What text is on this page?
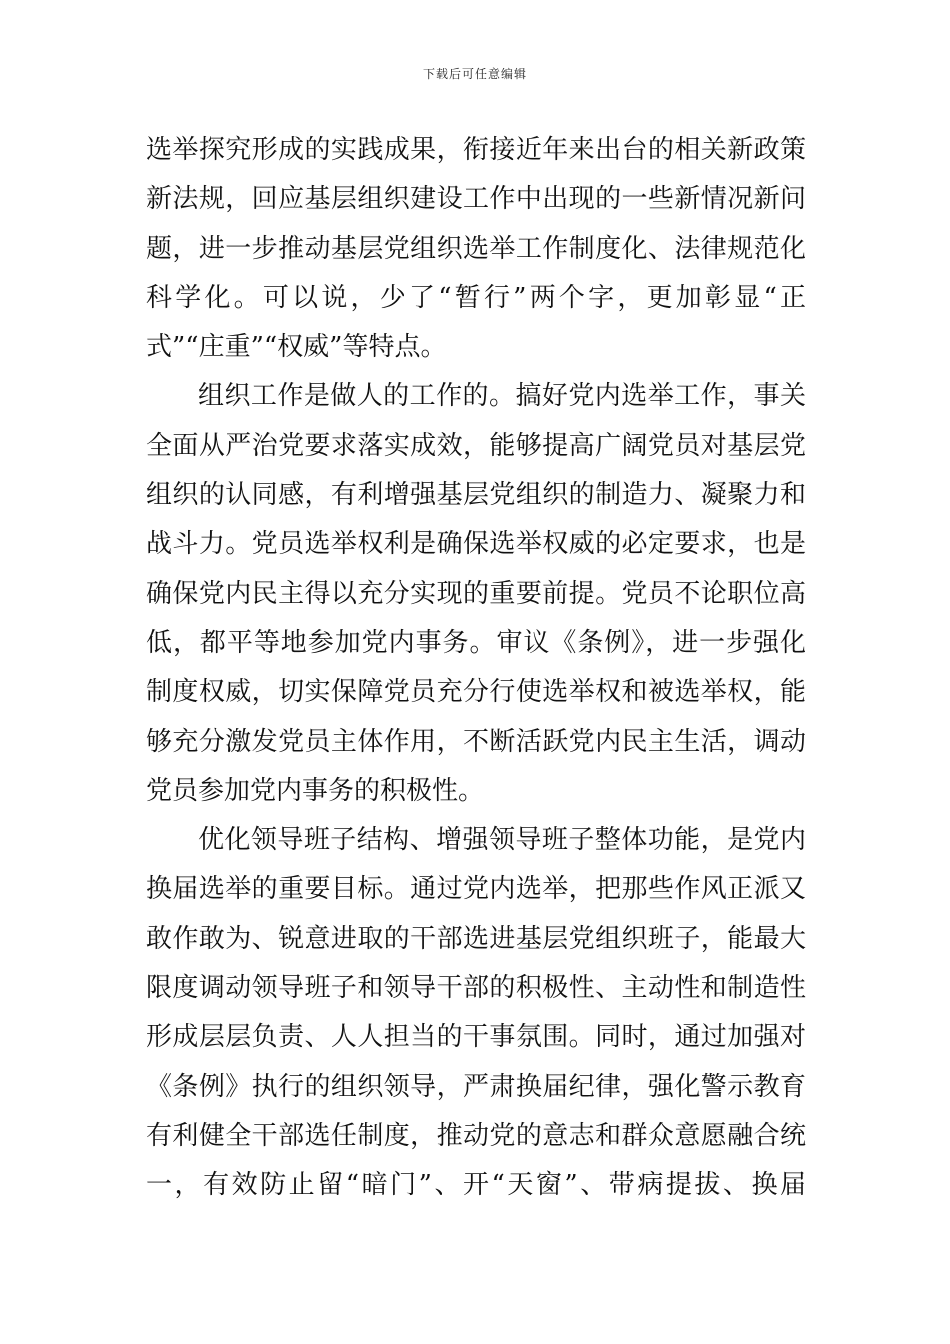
下载后可任意编辑
选举探究形成的实践成果，衔接近年来出台的相关新政策
新法规，回应基层组织建设工作中出现的一些新情况新问
题，进一步推动基层党组织选举工作制度化、法律规范化
科学化。可以说，少了“暂行”两个字，更加彰显“正
式”“庄重”“权威”等特点。
组织工作是做人的工作的。搞好党内选举工作，事关
全面从严治党要求落实成效，能够提高广阔党员对基层党
组织的认同感，有利增强基层党组织的制造力、凝聚力和
战斗力。党员选举权利是确保选举权威的必定要求，也是
确保党内民主得以充分实现的重要前提。党员不论职位高
低，都平等地参加党内事务。审议《条例》，进一步强化
制度权威，切实保障党员充分行使选举权和被选举权，能
够充分激发党员主体作用，不断活跃党内民主生活，调动
党员参加党内事务的积极性。
优化领导班子结构、增强领导班子整体功能，是党内
换届选举的重要目标。通过党内选举，把那些作风正派又
敢作敢为、锐意进取的干部选进基层党组织班子，能最大
限度调动领导班子和领导干部的积极性、主动性和制造性
形成层层负责、人人担当的干事氛围。同时，通过加强对
《条例》执行的组织领导，严肃换届纪律，强化警示教育
有利健全干部选任制度，推动党的意志和群众意愿融合统
一，有效防止留“暗门”、开“天窗”、带病提拔、换届
